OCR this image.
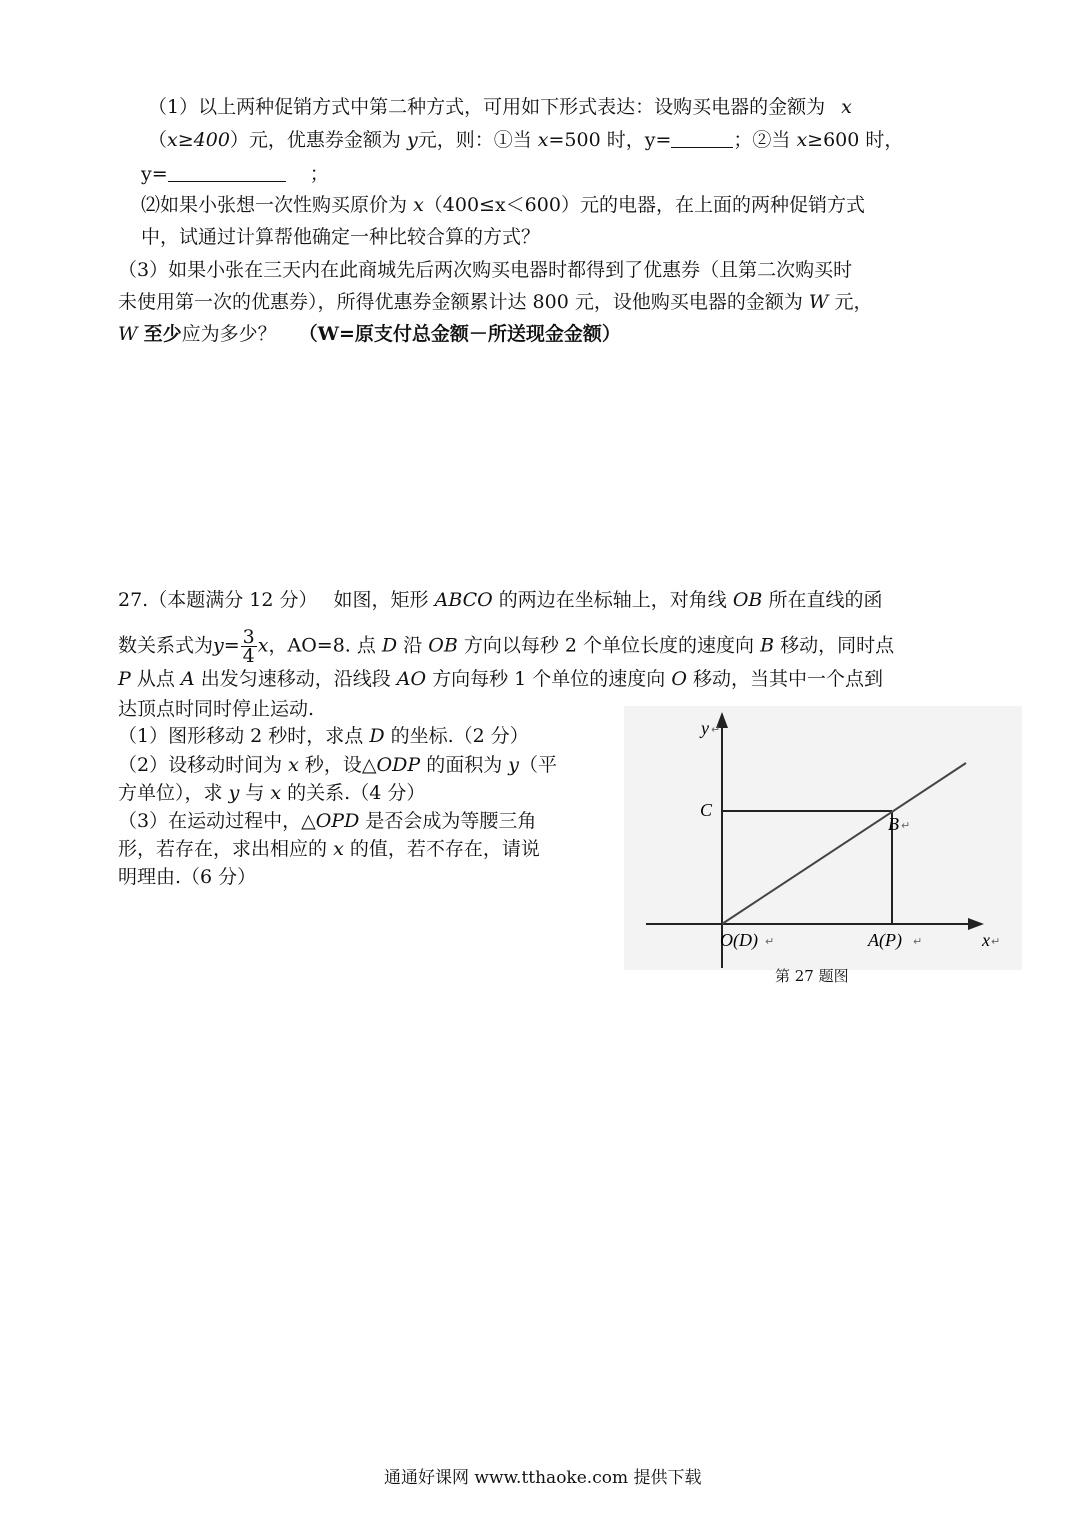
（1）以上两种促销方式中第二种方式，可用如下形式表达：设购买电器的金额为 x
（x≥400）元，优惠券金额为 y元，则：①当 x=500 时，y=	；②当 x≥600 时，
y=	；
⑵如果小张想一次性购买原价为 x（400≤x＜600）元的电器，在上面的两种促销方式
中，试通过计算帮他确定一种比较合算的方式？
（3）如果小张在三天内在此商城先后两次购买电器时都得到了优惠券（且第二次购买时
未使用第一次的优惠券），所得优惠券金额累计达 800 元，设他购买电器的金额为 W 元，
W 至少应为多少？ （W=原支付总金额－所送现金金额）
27.（本题满分 12 分） 如图，矩形 ABCO 的两边在坐标轴上，对角线 OB 所在直线的函
数关系式为$y= \frac{3}{4}$ x，AO=8. 点 D 沿 OB 方向以每秒 2 个单位长度的速度向 B 移动，同时点
P 从点 A 出发匀速移动，沿线段 AO 方向每秒 1 个单位的速度向 O 移动，当其中一个点到
达顶点时同时停止运动.
（1）图形移动 2 秒时，求点 D 的坐标.（2 分）
（2）设移动时间为 x 秒，设△ODP 的面积为 y（平
方单位），求 y 与 x 的关系.（4 分）
（3）在运动过程中，△OPD 是否会成为等腰三角
形，若存在，求出相应的 x 的值，若不存在，请说
明理由.（6 分）
y ↵
C
B ↵
O(D) ↵	A(P) ↵	x ↵
第 27 题图
通通好课网 www.tthaoke.com 提供下载
